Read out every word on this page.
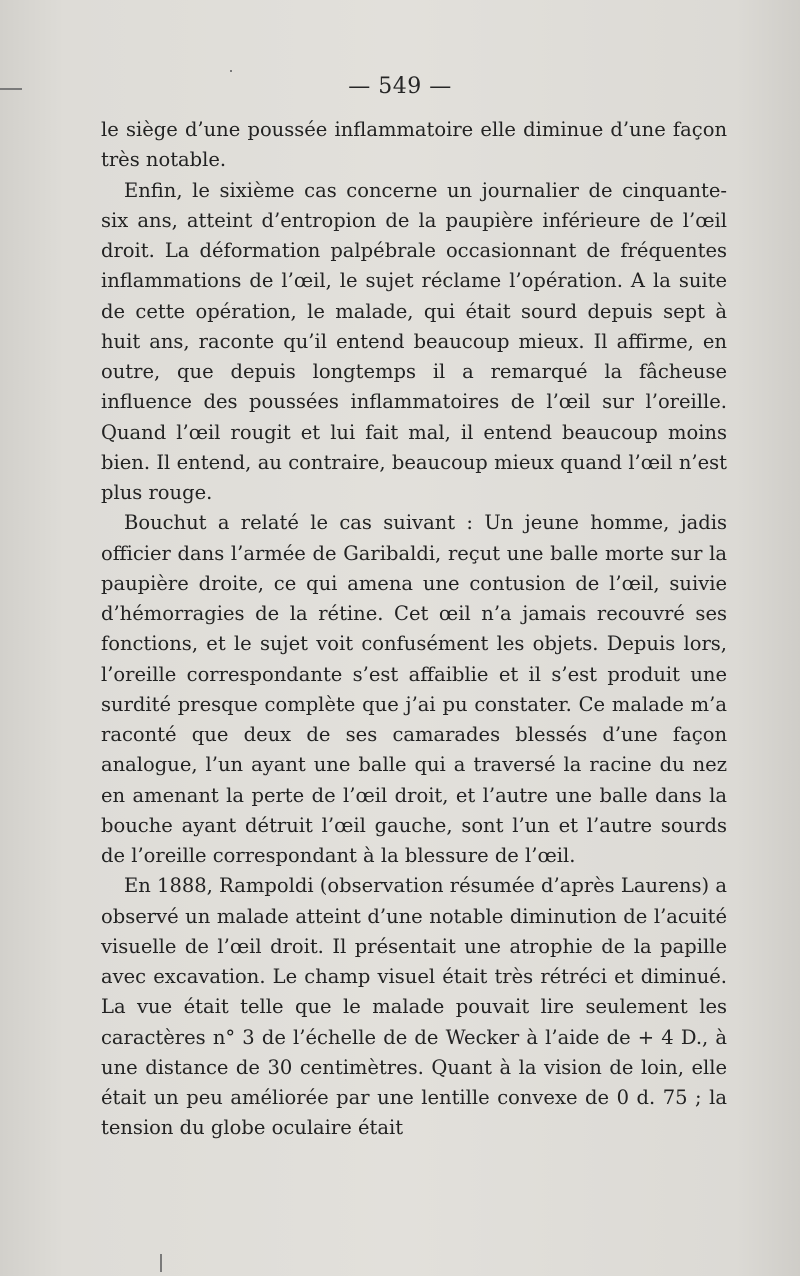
— 549 —

le siège d’une poussée inflammatoire elle diminue d’une façon très notable.

Enfin, le sixième cas concerne un journalier de cinquante-six ans, atteint d’entropion de la paupière inférieure de l’œil droit. La déformation palpébrale occasionnant de fréquentes inflammations de l’œil, le sujet réclame l’opération. A la suite de cette opération, le malade, qui était sourd depuis sept à huit ans, raconte qu’il entend beaucoup mieux. Il affirme, en outre, que depuis longtemps il a remarqué la fâcheuse influence des poussées inflammatoires de l’œil sur l’oreille. Quand l’œil rougit et lui fait mal, il entend beaucoup moins bien. Il entend, au contraire, beaucoup mieux quand l’œil n’est plus rouge.

Bouchut a relaté le cas suivant : Un jeune homme, jadis officier dans l’armée de Garibaldi, reçut une balle morte sur la paupière droite, ce qui amena une contusion de l’œil, suivie d’hémorragies de la rétine. Cet œil n’a jamais recouvré ses fonctions, et le sujet voit confusément les objets. Depuis lors, l’oreille correspondante s’est affaiblie et il s’est produit une surdité presque complète que j’ai pu constater. Ce malade m’a raconté que deux de ses camarades blessés d’une façon analogue, l’un ayant une balle qui a traversé la racine du nez en amenant la perte de l’œil droit, et l’autre une balle dans la bouche ayant détruit l’œil gauche, sont l’un et l’autre sourds de l’oreille correspondant à la blessure de l’œil.

En 1888, Rampoldi (observation résumée d’après Laurens) a observé un malade atteint d’une notable diminution de l’acuité visuelle de l’œil droit. Il présentait une atrophie de la papille avec excavation. Le champ visuel était très rétréci et diminué. La vue était telle que le malade pouvait lire seulement les caractères n° 3 de l’échelle de de Wecker à l’aide de + 4 D., à une distance de 30 centimètres. Quant à la vision de loin, elle était un peu améliorée par une lentille convexe de 0 d. 75 ; la tension du globe oculaire était
